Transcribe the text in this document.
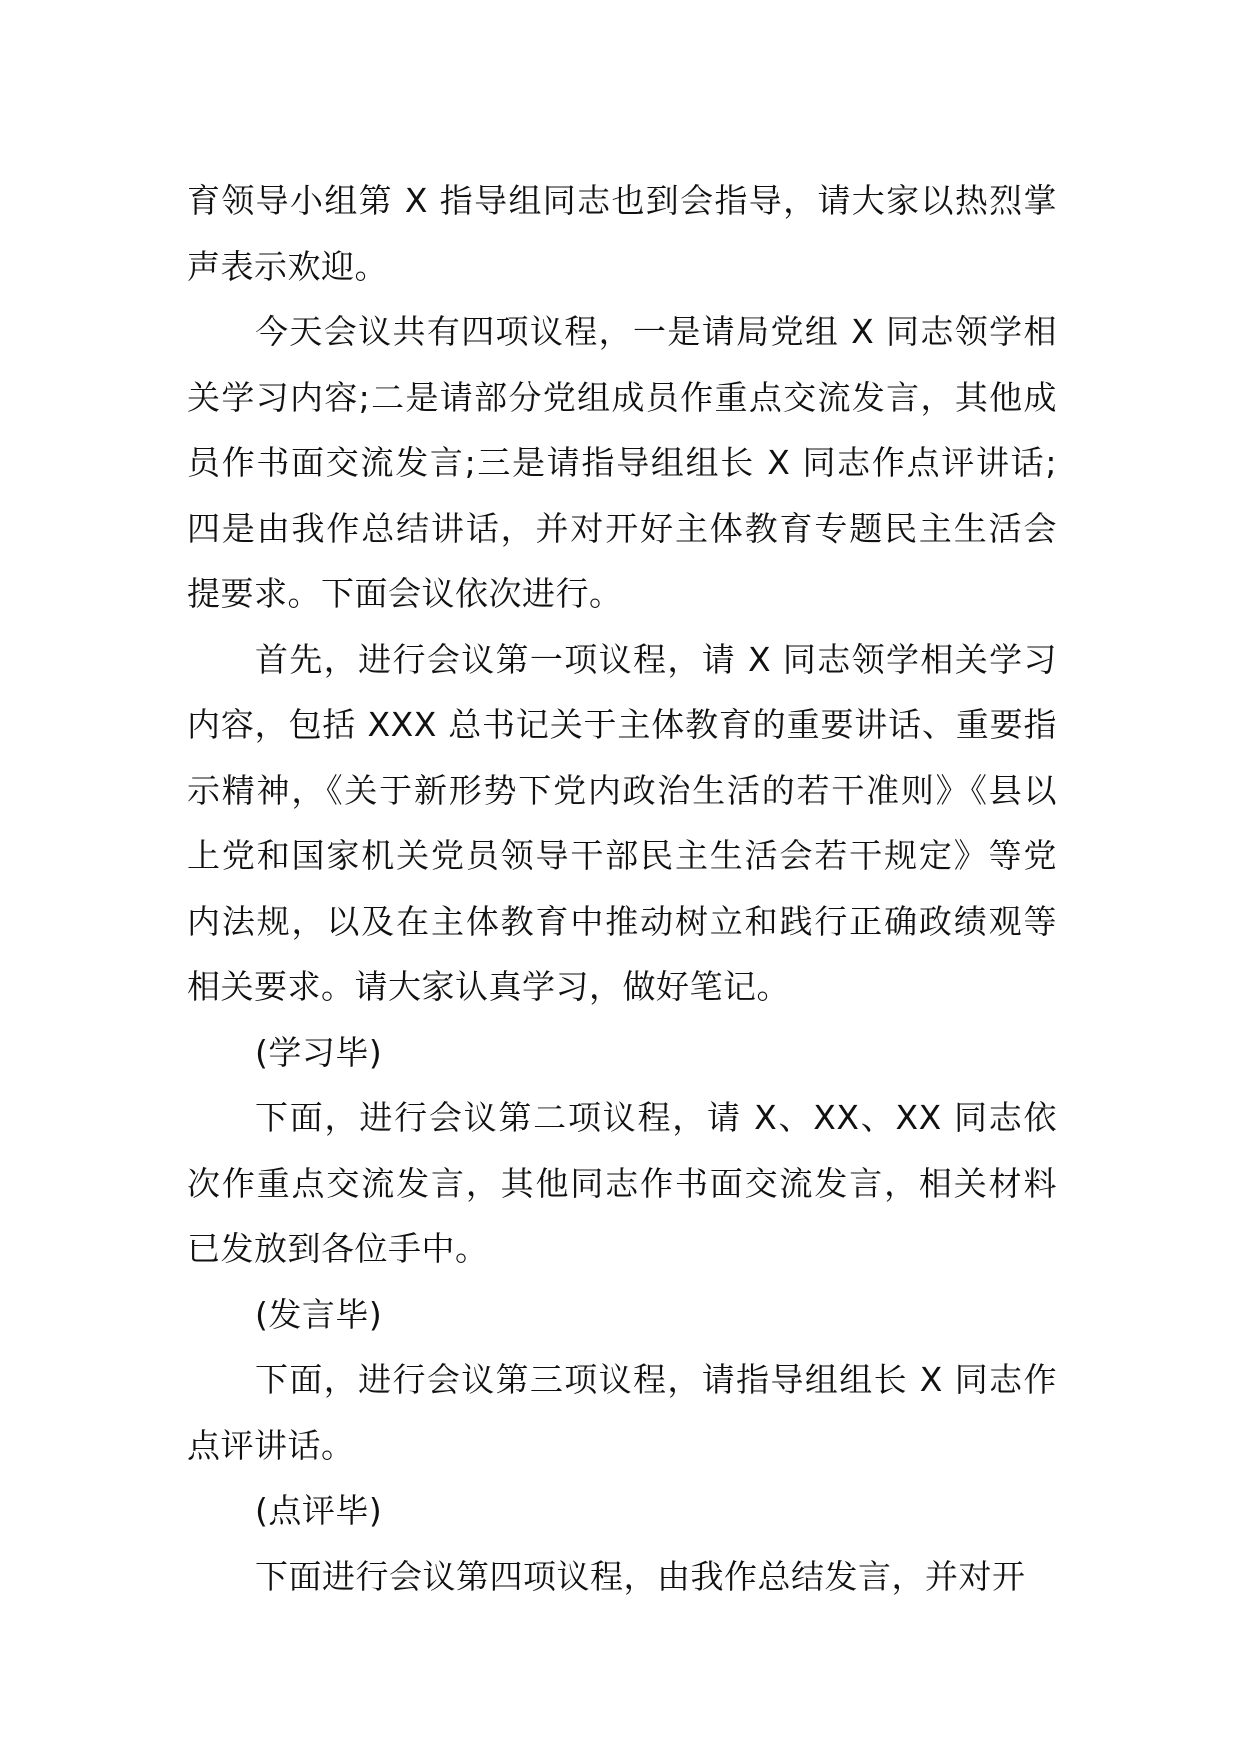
育领导小组第 X 指导组同志也到会指导，请大家以热烈掌声表示欢迎。

今天会议共有四项议程，一是请局党组 X 同志领学相关学习内容;二是请部分党组成员作重点交流发言，其他成员作书面交流发言;三是请指导组组长 X 同志作点评讲话;四是由我作总结讲话，并对开好主体教育专题民主生活会提要求。下面会议依次进行。

首先，进行会议第一项议程，请 X 同志领学相关学习内容，包括 XXX 总书记关于主体教育的重要讲话、重要指示精神，《关于新形势下党内政治生活的若干准则》《县以上党和国家机关党员领导干部民主生活会若干规定》等党内法规，以及在主体教育中推动树立和践行正确政绩观等相关要求。请大家认真学习，做好笔记。

(学习毕)

下面，进行会议第二项议程，请 X、XX、XX 同志依次作重点交流发言，其他同志作书面交流发言，相关材料已发放到各位手中。

(发言毕)

下面，进行会议第三项议程，请指导组组长 X 同志作点评讲话。

(点评毕)

下面进行会议第四项议程，由我作总结发言，并对开
